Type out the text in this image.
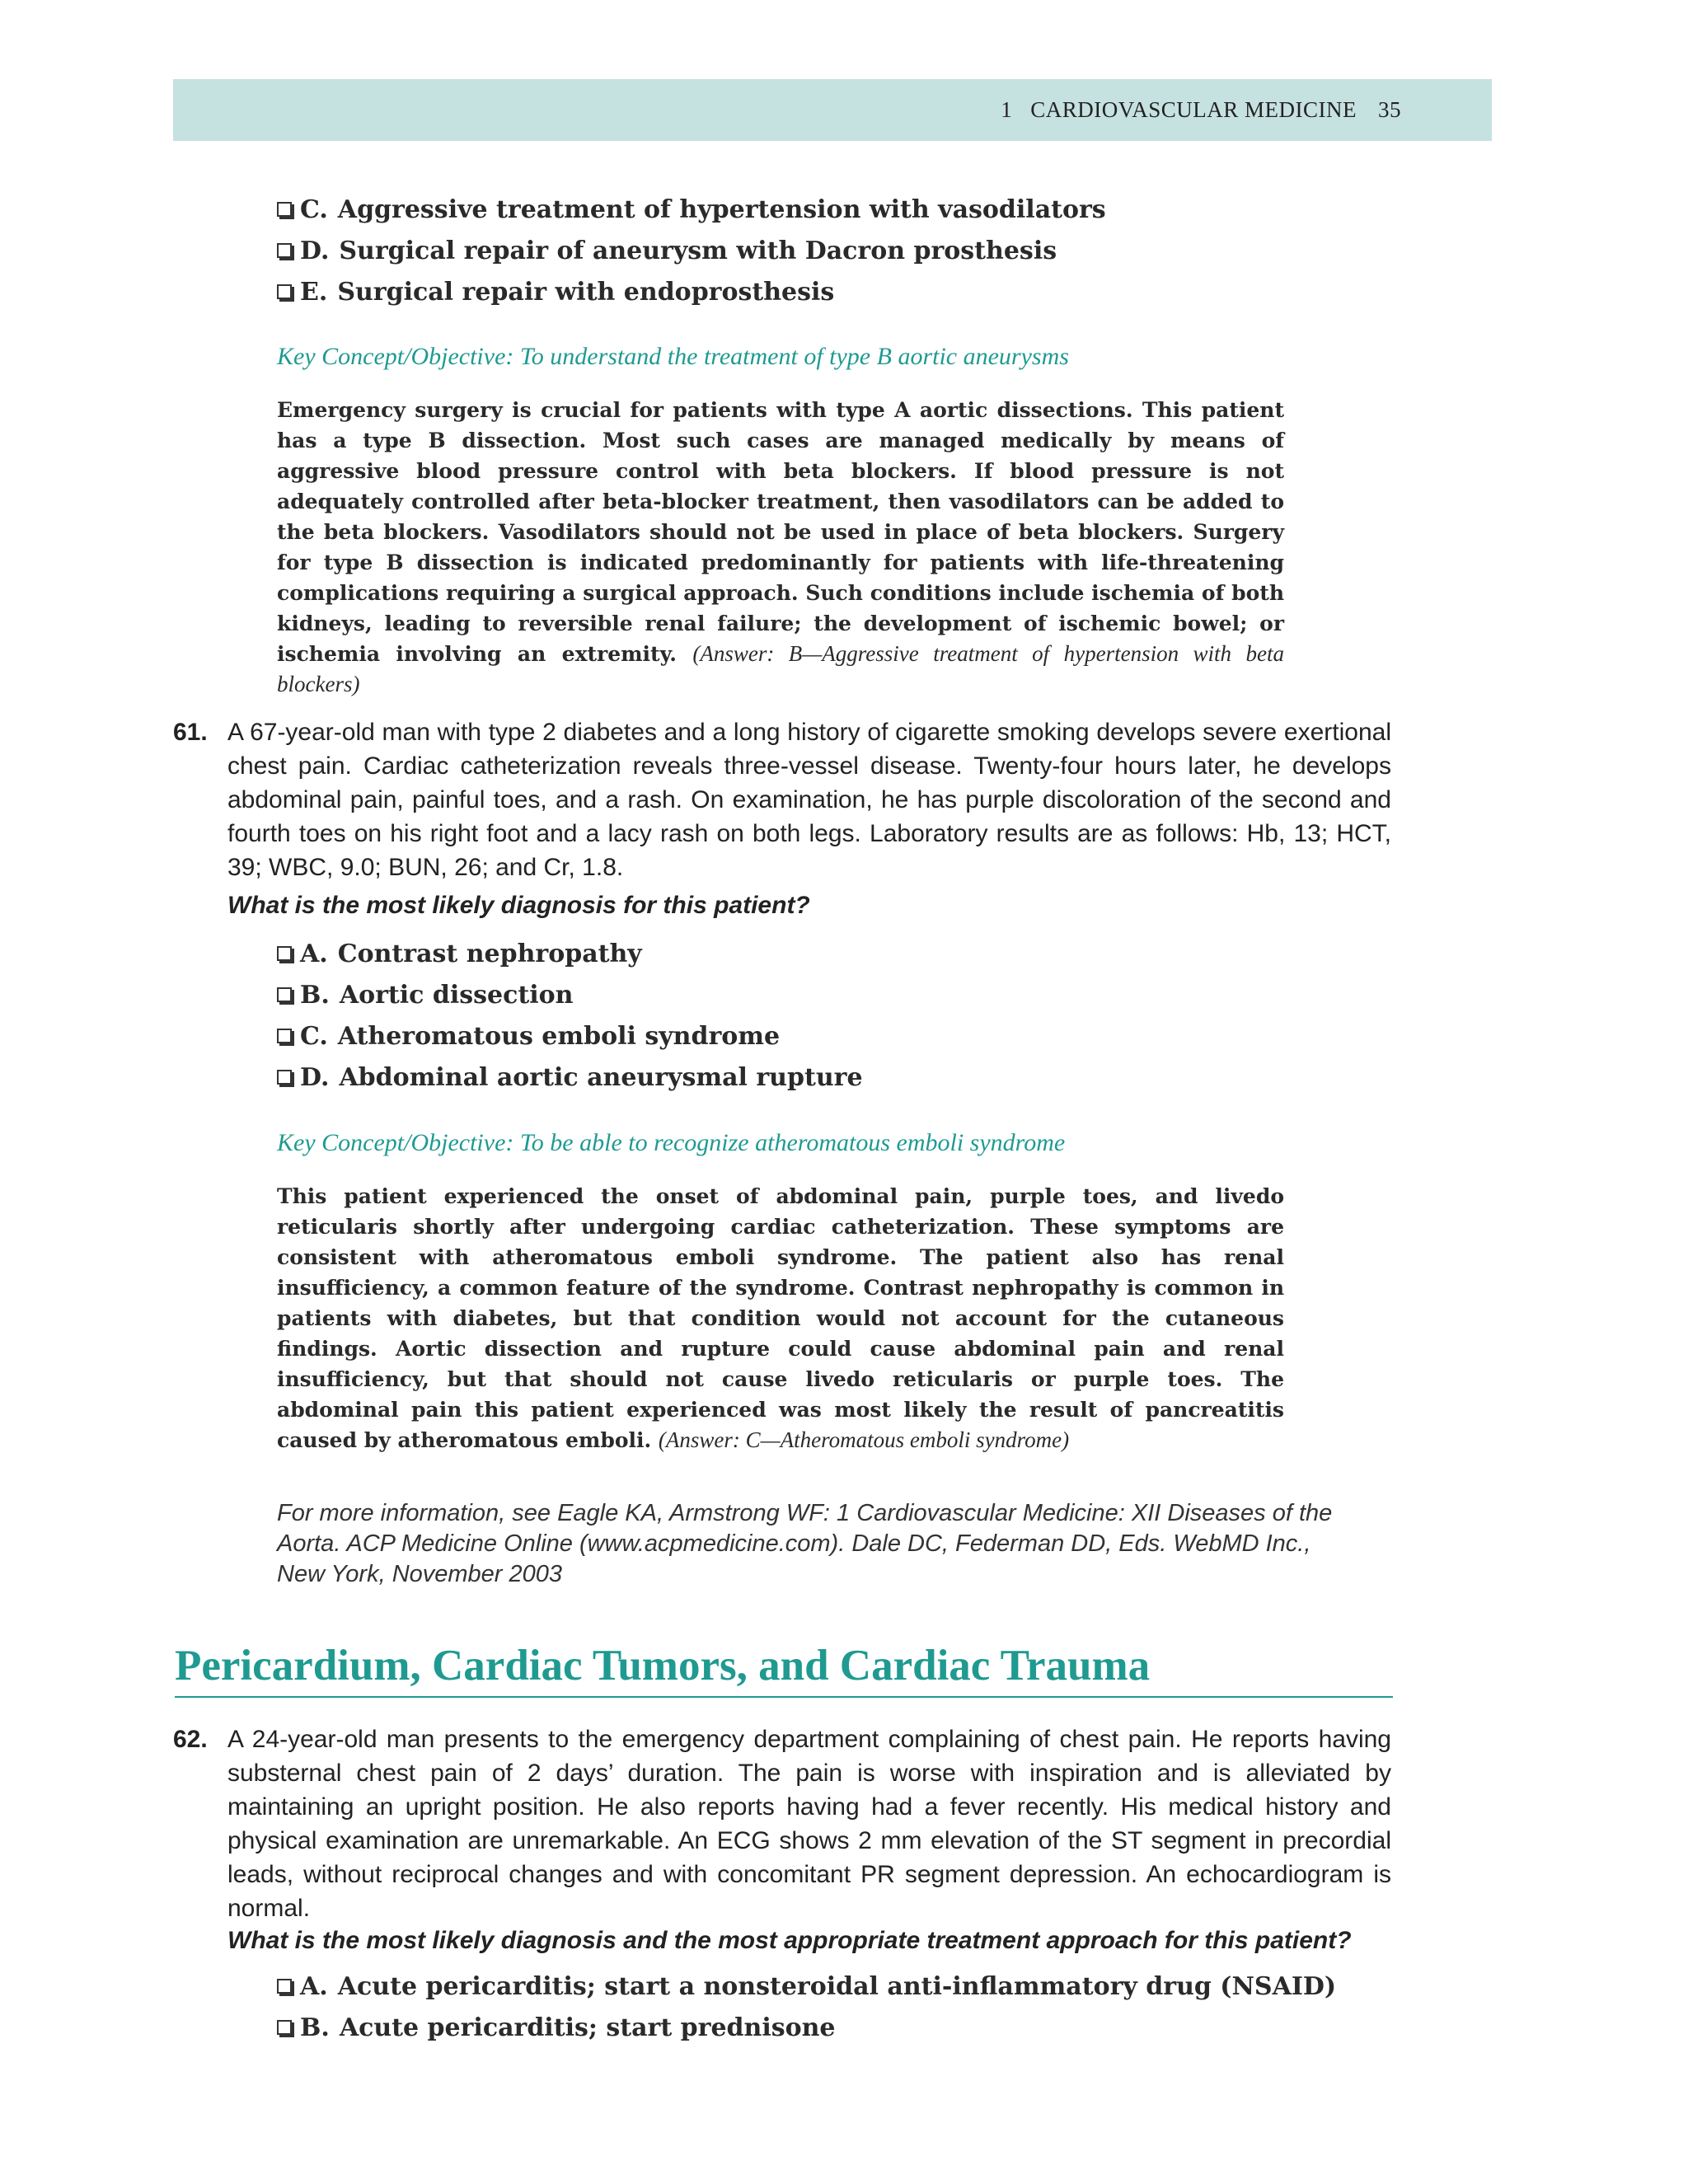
1 CARDIOVASCULAR MEDICINE 35
C. Aggressive treatment of hypertension with vasodilators
D. Surgical repair of aneurysm with Dacron prosthesis
E. Surgical repair with endoprosthesis
Key Concept/Objective: To understand the treatment of type B aortic aneurysms
Emergency surgery is crucial for patients with type A aortic dissections. This patient has a type B dissection. Most such cases are managed medically by means of aggressive blood pressure control with beta blockers. If blood pressure is not adequately controlled after beta-blocker treatment, then vasodilators can be added to the beta blockers. Vasodilators should not be used in place of beta blockers. Surgery for type B dissection is indicated predominantly for patients with life-threatening complications requiring a surgical approach. Such conditions include ischemia of both kidneys, leading to reversible renal failure; the development of ischemic bowel; or ischemia involving an extremity. (Answer: B—Aggressive treatment of hypertension with beta blockers)
61. A 67-year-old man with type 2 diabetes and a long history of cigarette smoking develops severe exertional chest pain. Cardiac catheterization reveals three-vessel disease. Twenty-four hours later, he develops abdominal pain, painful toes, and a rash. On examination, he has purple discoloration of the second and fourth toes on his right foot and a lacy rash on both legs. Laboratory results are as follows: Hb, 13; HCT, 39; WBC, 9.0; BUN, 26; and Cr, 1.8.
What is the most likely diagnosis for this patient?
A. Contrast nephropathy
B. Aortic dissection
C. Atheromatous emboli syndrome
D. Abdominal aortic aneurysmal rupture
Key Concept/Objective: To be able to recognize atheromatous emboli syndrome
This patient experienced the onset of abdominal pain, purple toes, and livedo reticularis shortly after undergoing cardiac catheterization. These symptoms are consistent with atheromatous emboli syndrome. The patient also has renal insufficiency, a common feature of the syndrome. Contrast nephropathy is common in patients with diabetes, but that condition would not account for the cutaneous findings. Aortic dissection and rupture could cause abdominal pain and renal insufficiency, but that should not cause livedo reticularis or purple toes. The abdominal pain this patient experienced was most likely the result of pancreatitis caused by atheromatous emboli. (Answer: C—Atheromatous emboli syndrome)
For more information, see Eagle KA, Armstrong WF: 1 Cardiovascular Medicine: XII Diseases of the Aorta. ACP Medicine Online (www.acpmedicine.com). Dale DC, Federman DD, Eds. WebMD Inc., New York, November 2003
Pericardium, Cardiac Tumors, and Cardiac Trauma
62. A 24-year-old man presents to the emergency department complaining of chest pain. He reports having substernal chest pain of 2 days’ duration. The pain is worse with inspiration and is alleviated by maintaining an upright position. He also reports having had a fever recently. His medical history and physical examination are unremarkable. An ECG shows 2 mm elevation of the ST segment in precordial leads, without reciprocal changes and with concomitant PR segment depression. An echocardiogram is normal.
What is the most likely diagnosis and the most appropriate treatment approach for this patient?
A. Acute pericarditis; start a nonsteroidal anti-inflammatory drug (NSAID)
B. Acute pericarditis; start prednisone
